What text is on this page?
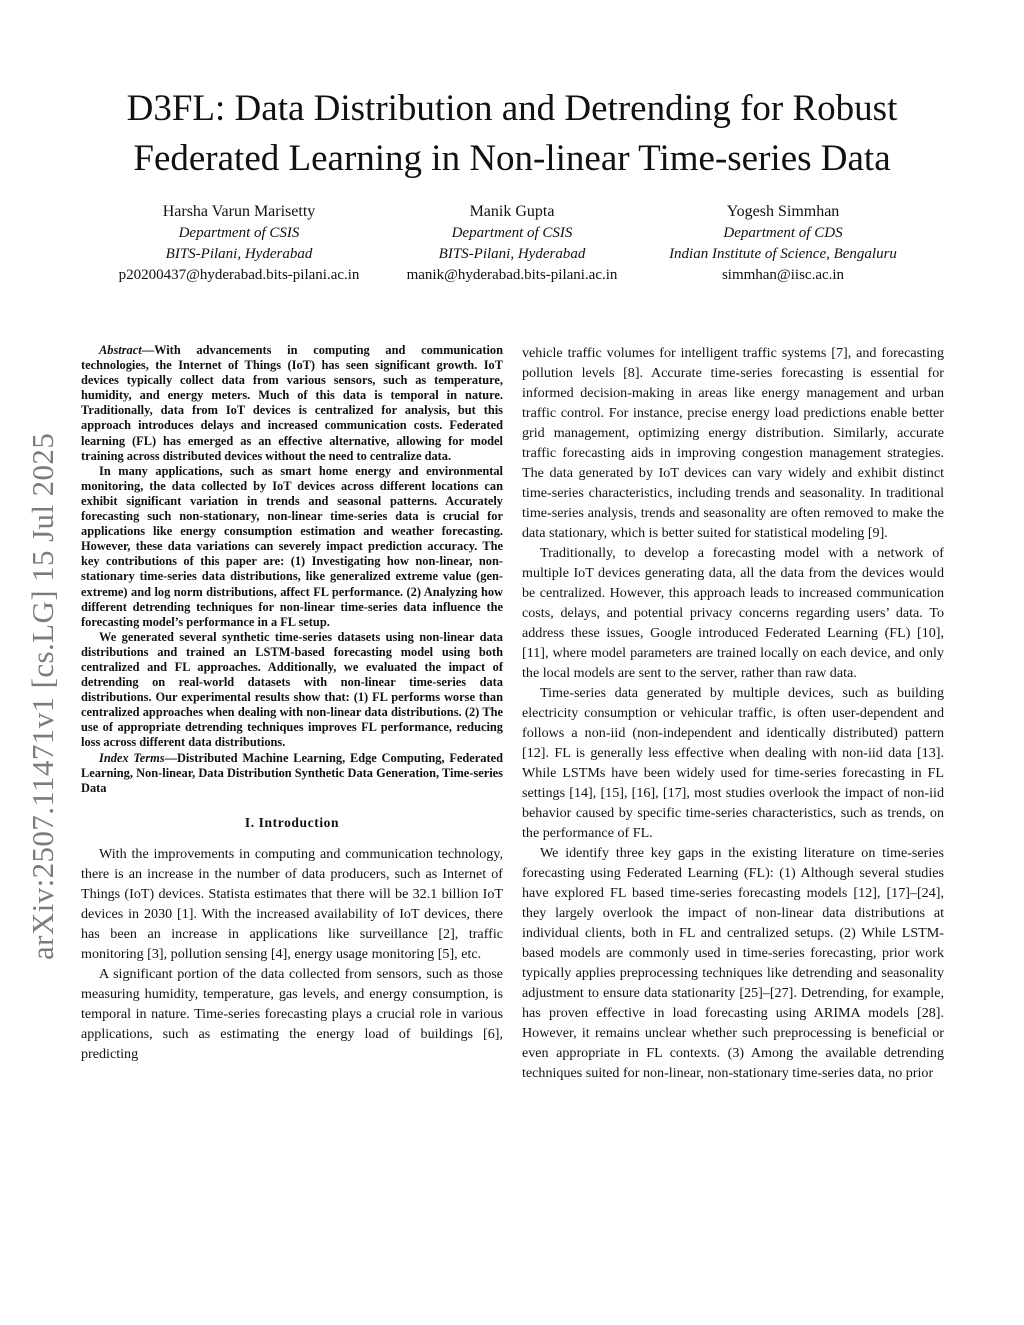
arXiv:2507.11471v1 [cs.LG] 15 Jul 2025
D3FL: Data Distribution and Detrending for Robust
Federated Learning in Non-linear Time-series Data
Harsha Varun Marisetty
Department of CSIS
BITS-Pilani, Hyderabad
p20200437@hyderabad.bits-pilani.ac.in
Manik Gupta
Department of CSIS
BITS-Pilani, Hyderabad
manik@hyderabad.bits-pilani.ac.in
Yogesh Simmhan
Department of CDS
Indian Institute of Science, Bengaluru
simmhan@iisc.ac.in

Abstract—With advancements in computing and communication technologies, the Internet of Things (IoT) has seen significant growth. IoT devices typically collect data from various sensors, such as temperature, humidity, and energy meters. Much of this data is temporal in nature. Traditionally, data from IoT devices is centralized for analysis, but this approach introduces delays and increased communication costs. Federated learning (FL) has emerged as an effective alternative, allowing for model training across distributed devices without the need to centralize data.

In many applications, such as smart home energy and environmental monitoring, the data collected by IoT devices across different locations can exhibit significant variation in trends and seasonal patterns. Accurately forecasting such non-stationary, non-linear time-series data is crucial for applications like energy consumption estimation and weather forecasting. However, these data variations can severely impact prediction accuracy. The key contributions of this paper are: (1) Investigating how non-linear, non-stationary time-series data distributions, like generalized extreme value (gen-extreme) and log norm distributions, affect FL performance. (2) Analyzing how different detrending techniques for non-linear time-series data influence the forecasting model’s performance in a FL setup.

We generated several synthetic time-series datasets using non-linear data distributions and trained an LSTM-based forecasting model using both centralized and FL approaches. Additionally, we evaluated the impact of detrending on real-world datasets with non-linear time-series data distributions. Our experimental results show that: (1) FL performs worse than centralized approaches when dealing with non-linear data distributions. (2) The use of appropriate detrending techniques improves FL performance, reducing loss across different data distributions.

Index Terms—Distributed Machine Learning, Edge Computing, Federated Learning, Non-linear, Data Distribution Synthetic Data Generation, Time-series Data

I. Introduction

With the improvements in computing and communication technology, there is an increase in the number of data producers, such as Internet of Things (IoT) devices. Statista estimates that there will be 32.1 billion IoT devices in 2030 [1]. With the increased availability of IoT devices, there has been an increase in applications like surveillance [2], traffic monitoring [3], pollution sensing [4], energy usage monitoring [5], etc.

A significant portion of the data collected from sensors, such as those measuring humidity, temperature, gas levels, and energy consumption, is temporal in nature. Time-series forecasting plays a crucial role in various applications, such as estimating the energy load of buildings [6], predicting

vehicle traffic volumes for intelligent traffic systems [7], and forecasting pollution levels [8]. Accurate time-series forecasting is essential for informed decision-making in areas like energy management and urban traffic control. For instance, precise energy load predictions enable better grid management, optimizing energy distribution. Similarly, accurate traffic forecasting aids in improving congestion management strategies. The data generated by IoT devices can vary widely and exhibit distinct time-series characteristics, including trends and seasonality. In traditional time-series analysis, trends and seasonality are often removed to make the data stationary, which is better suited for statistical modeling [9].

Traditionally, to develop a forecasting model with a network of multiple IoT devices generating data, all the data from the devices would be centralized. However, this approach leads to increased communication costs, delays, and potential privacy concerns regarding users’ data. To address these issues, Google introduced Federated Learning (FL) [10], [11], where model parameters are trained locally on each device, and only the local models are sent to the server, rather than raw data.

Time-series data generated by multiple devices, such as building electricity consumption or vehicular traffic, is often user-dependent and follows a non-iid (non-independent and identically distributed) pattern [12]. FL is generally less effective when dealing with non-iid data [13]. While LSTMs have been widely used for time-series forecasting in FL settings [14], [15], [16], [17], most studies overlook the impact of non-iid behavior caused by specific time-series characteristics, such as trends, on the performance of FL.

We identify three key gaps in the existing literature on time-series forecasting using Federated Learning (FL): (1) Although several studies have explored FL based time-series forecasting models [12], [17]–[24], they largely overlook the impact of non-linear data distributions at individual clients, both in FL and centralized setups. (2) While LSTM-based models are commonly used in time-series forecasting, prior work typically applies preprocessing techniques like detrending and seasonality adjustment to ensure data stationarity [25]–[27]. Detrending, for example, has proven effective in load forecasting using ARIMA models [28]. However, it remains unclear whether such preprocessing is beneficial or even appropriate in FL contexts. (3) Among the available detrending techniques suited for non-linear, non-stationary time-series data, no prior
